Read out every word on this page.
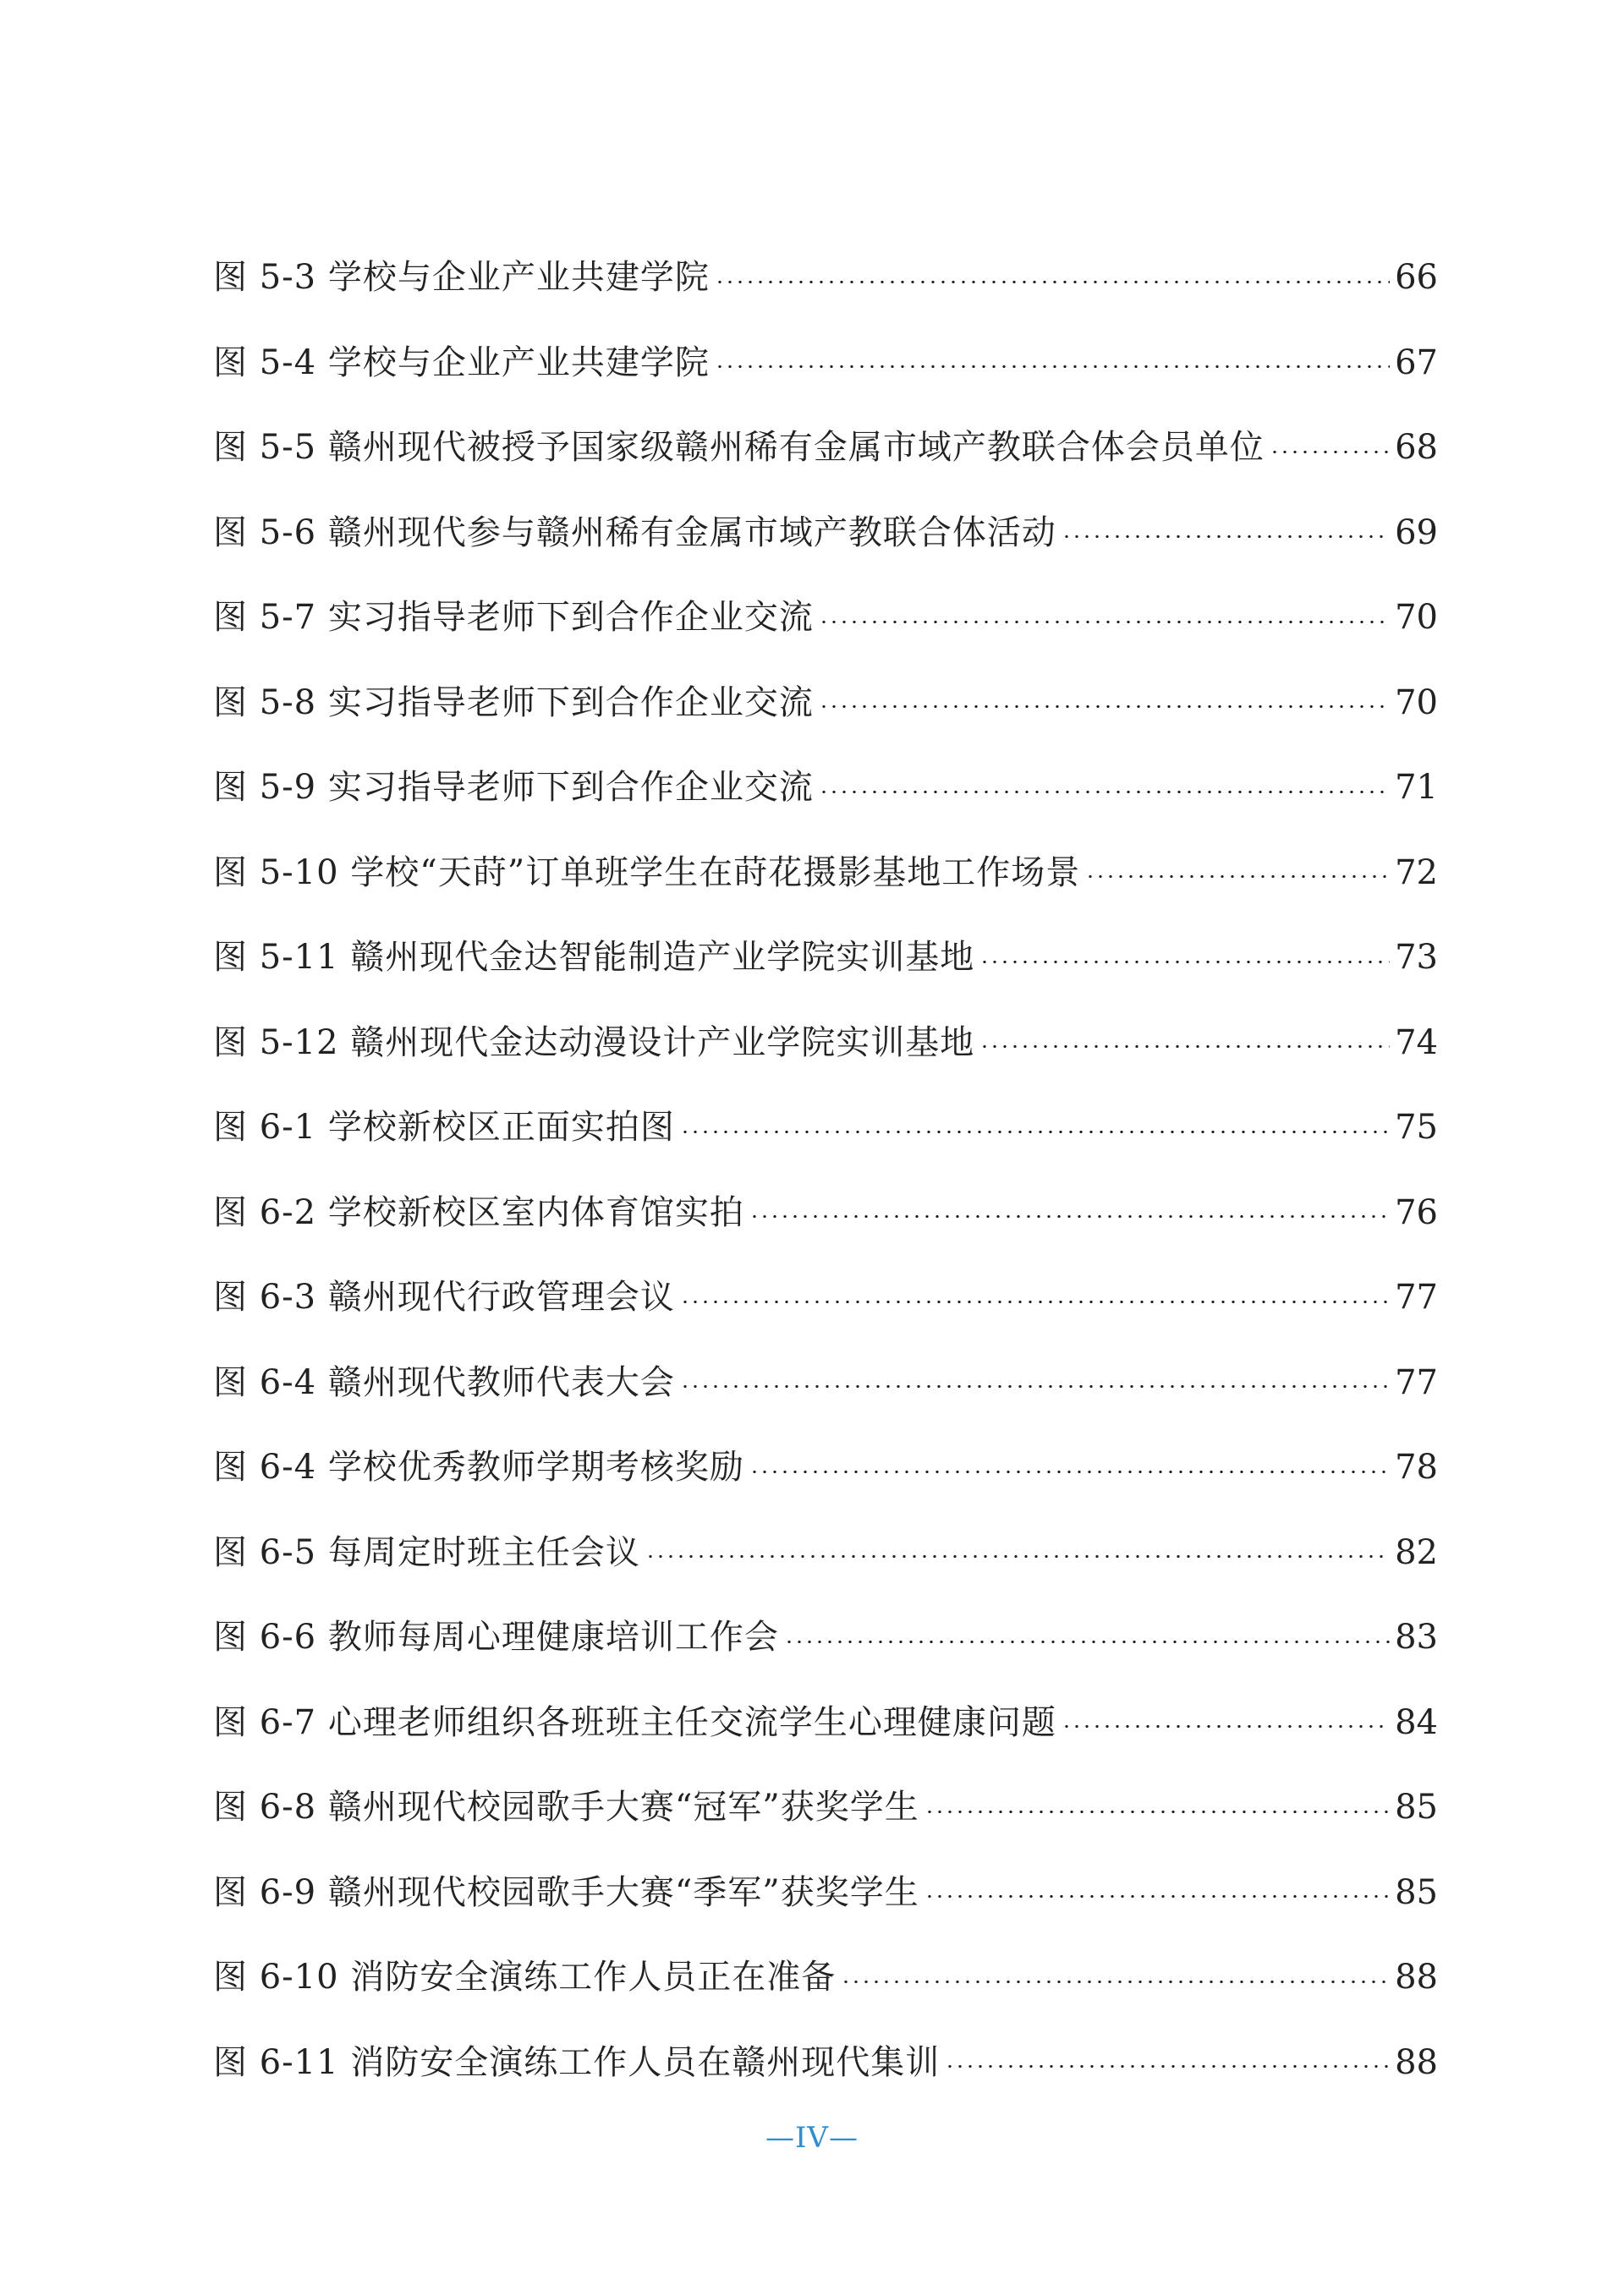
图 5-3 学校与企业产业共建学院	66
图 5-4 学校与企业产业共建学院	67
图 5-5 赣州现代被授予国家级赣州稀有金属市域产教联合体会员单位	68
图 5-6 赣州现代参与赣州稀有金属市域产教联合体活动	69
图 5-7 实习指导老师下到合作企业交流	70
图 5-8 实习指导老师下到合作企业交流	70
图 5-9 实习指导老师下到合作企业交流	71
图 5-10 学校“天莳”订单班学生在莳花摄影基地工作场景	72
图 5-11 赣州现代金达智能制造产业学院实训基地	73
图 5-12 赣州现代金达动漫设计产业学院实训基地	74
图 6-1 学校新校区正面实拍图	75
图 6-2 学校新校区室内体育馆实拍	76
图 6-3 赣州现代行政管理会议	77
图 6-4 赣州现代教师代表大会	77
图 6-4 学校优秀教师学期考核奖励	78
图 6-5 每周定时班主任会议	82
图 6-6 教师每周心理健康培训工作会	83
图 6-7 心理老师组织各班班主任交流学生心理健康问题	84
图 6-8 赣州现代校园歌手大赛“冠军”获奖学生	85
图 6-9 赣州现代校园歌手大赛“季军”获奖学生	85
图 6-10 消防安全演练工作人员正在准备	88
图 6-11 消防安全演练工作人员在赣州现代集训	88
—IV—
